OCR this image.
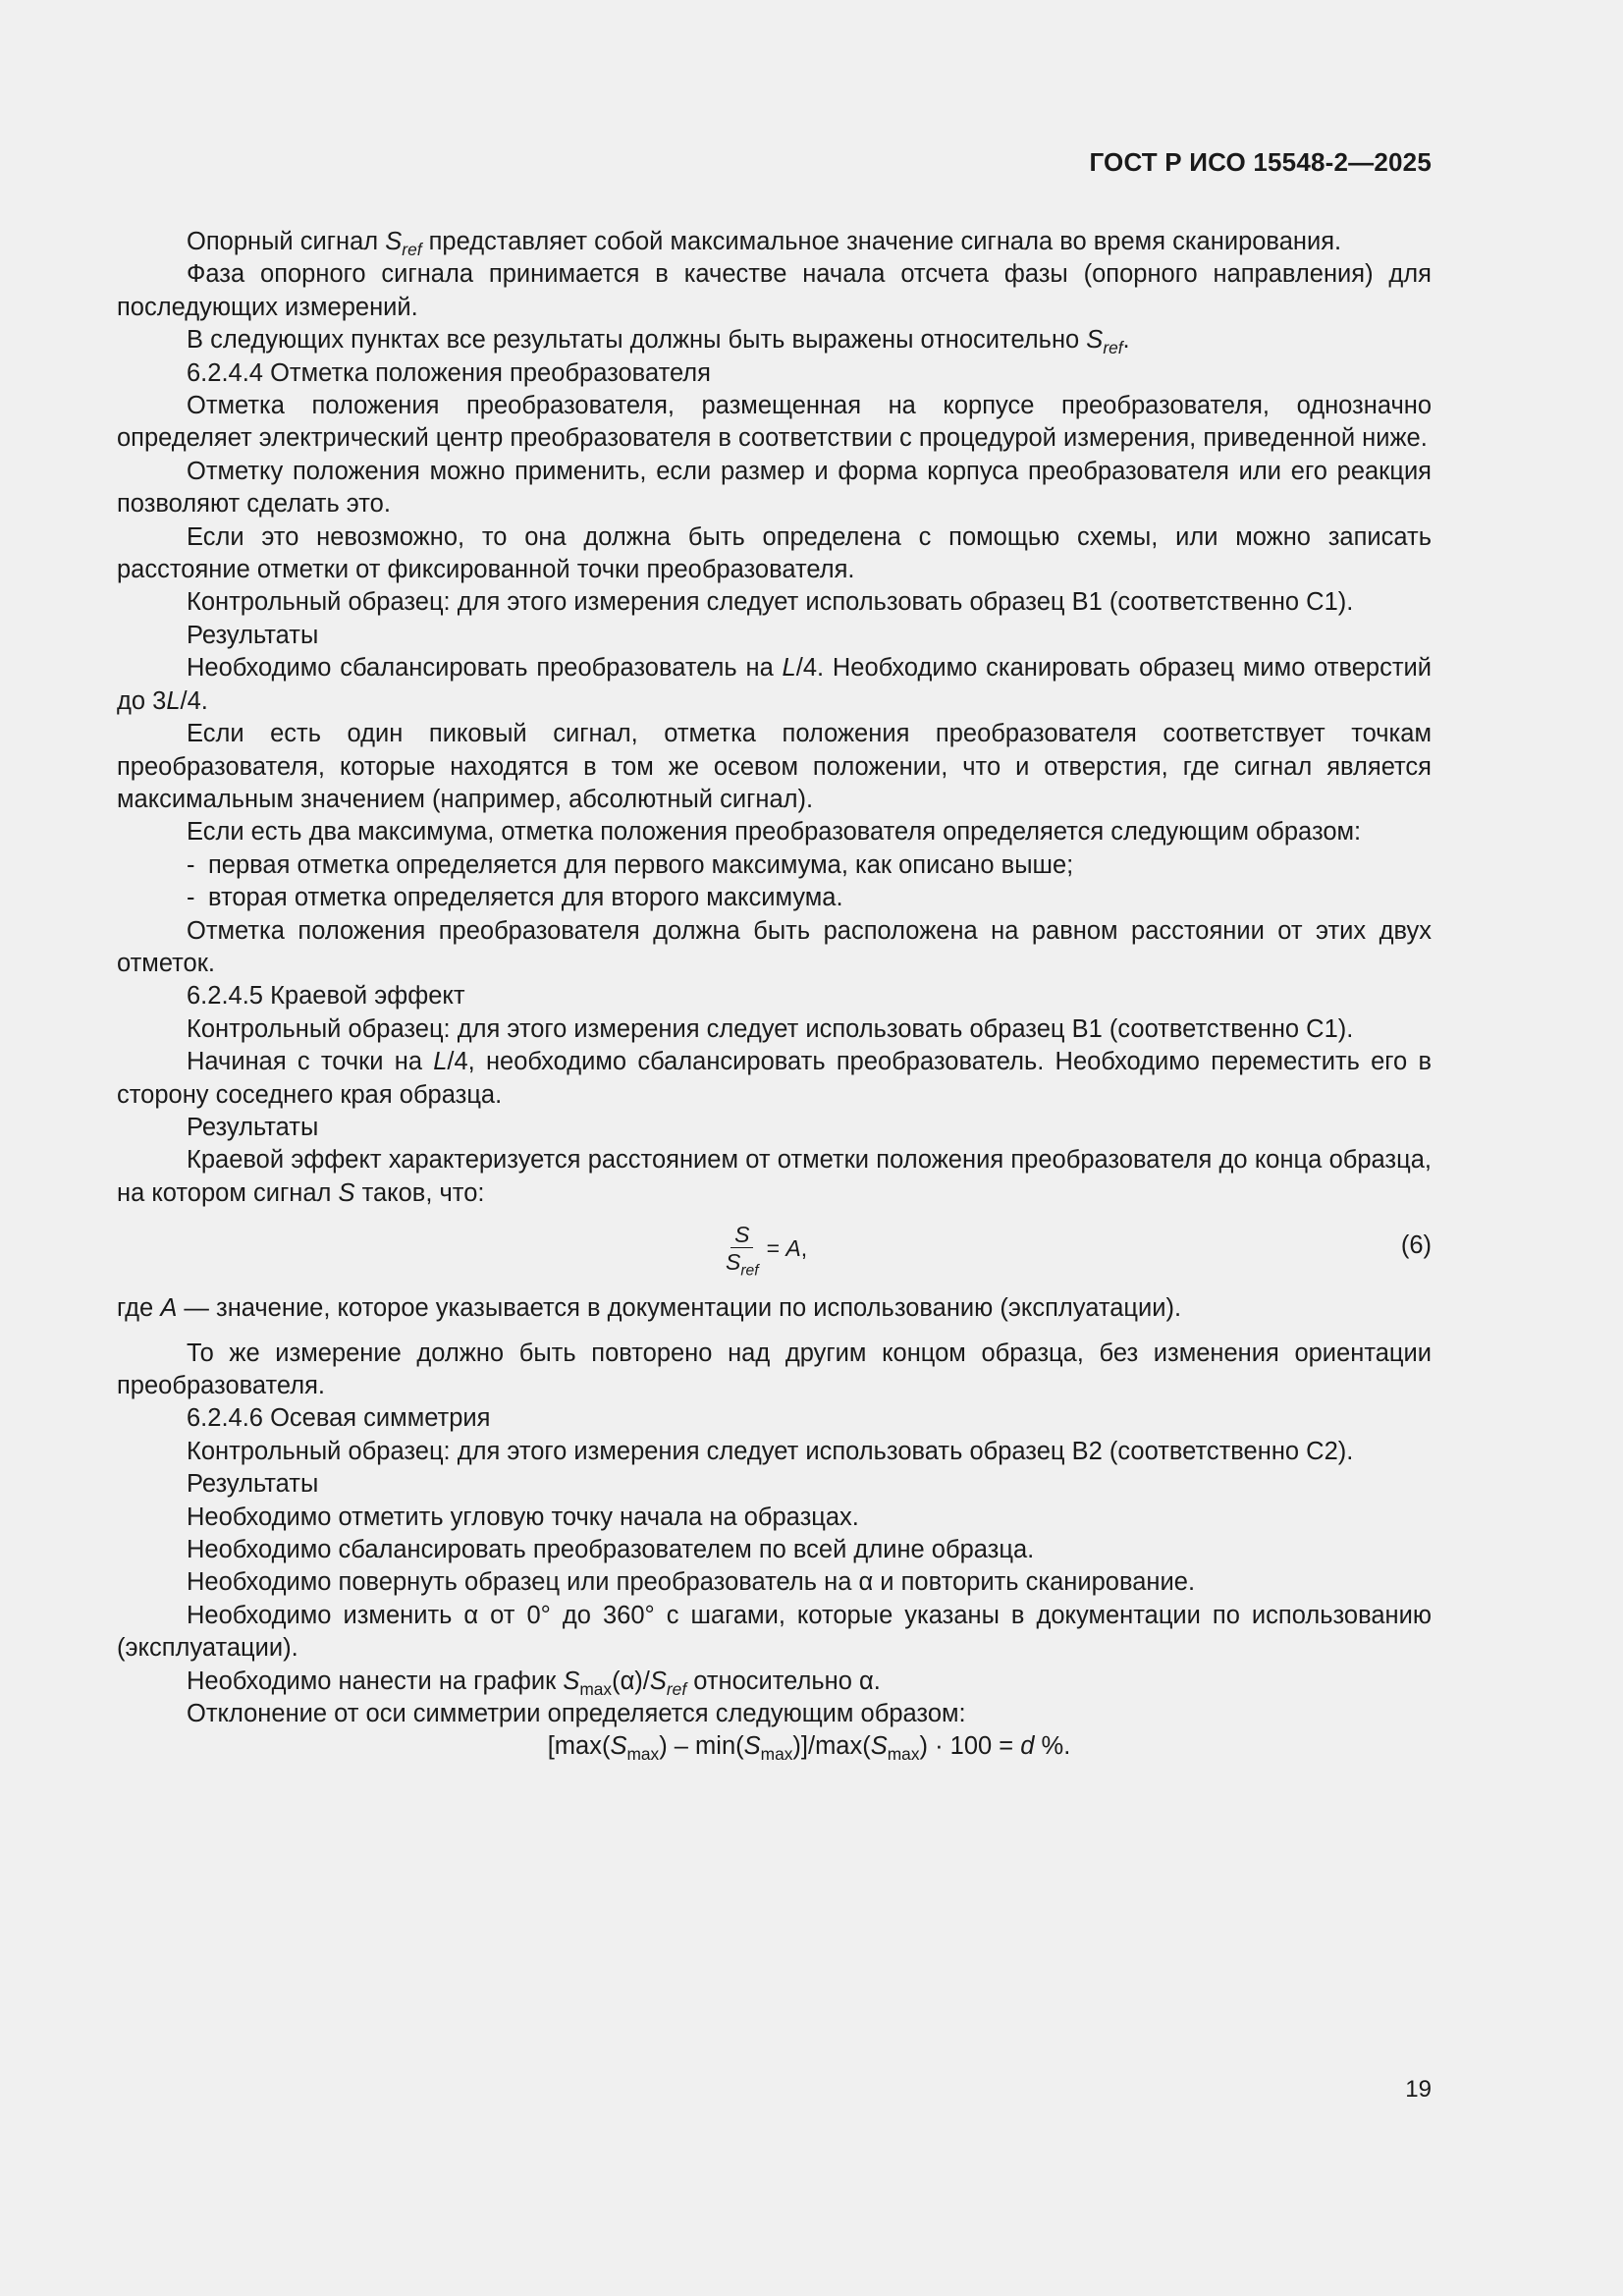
ГОСТ Р ИСО 15548-2—2025

Опорный сигнал $S_{ref}$ представляет собой максимальное значение сигнала во время сканирования.

Фаза опорного сигнала принимается в качестве начала отсчета фазы (опорного направления) для последующих измерений.

В следующих пунктах все результаты должны быть выражены относительно $S_{ref}$.

6.2.4.4 Отметка положения преобразователя

Отметка положения преобразователя, размещенная на корпусе преобразователя, однозначно определяет электрический центр преобразователя в соответствии с процедурой измерения, приведенной ниже.

Отметку положения можно применить, если размер и форма корпуса преобразователя или его реакция позволяют сделать это.

Если это невозможно, то она должна быть определена с помощью схемы, или можно записать расстояние отметки от фиксированной точки преобразователя.

Контрольный образец: для этого измерения следует использовать образец B1 (соответственно C1).

Результаты

Необходимо сбалансировать преобразователь на L/4. Необходимо сканировать образец мимо отверстий до 3L/4.

Если есть один пиковый сигнал, отметка положения преобразователя соответствует точкам преобразователя, которые находятся в том же осевом положении, что и отверстия, где сигнал является максимальным значением (например, абсолютный сигнал).

Если есть два максимума, отметка положения преобразователя определяется следующим образом:

- первая отметка определяется для первого максимума, как описано выше;

- вторая отметка определяется для второго максимума.

Отметка положения преобразователя должна быть расположена на равном расстоянии от этих двух отметок.

6.2.4.5 Краевой эффект

Контрольный образец: для этого измерения следует использовать образец B1 (соответственно C1).

Начиная с точки на L/4, необходимо сбалансировать преобразователь. Необходимо переместить его в сторону соседнего края образца.

Результаты

Краевой эффект характеризуется расстоянием от отметки положения преобразователя до конца образца, на котором сигнал S таков, что:

$\frac{S}{S_{ref}} = A$,	(6)

где A — значение, которое указывается в документации по использованию (эксплуатации).

То же измерение должно быть повторено над другим концом образца, без изменения ориентации преобразователя.

6.2.4.6 Осевая симметрия

Контрольный образец: для этого измерения следует использовать образец B2 (соответственно C2).

Результаты

Необходимо отметить угловую точку начала на образцах.

Необходимо сбалансировать преобразователем по всей длине образца.

Необходимо повернуть образец или преобразователь на α и повторить сканирование.

Необходимо изменить α от 0° до 360° с шагами, которые указаны в документации по использованию (эксплуатации).

Необходимо нанести на график $S_{max}(\alpha)/S_{ref}$ относительно α.

Отклонение от оси симметрии определяется следующим образом:

$[\max(S_{max}) - \min(S_{max})]/\max(S_{max}) \cdot 100 = d$ %.

19
